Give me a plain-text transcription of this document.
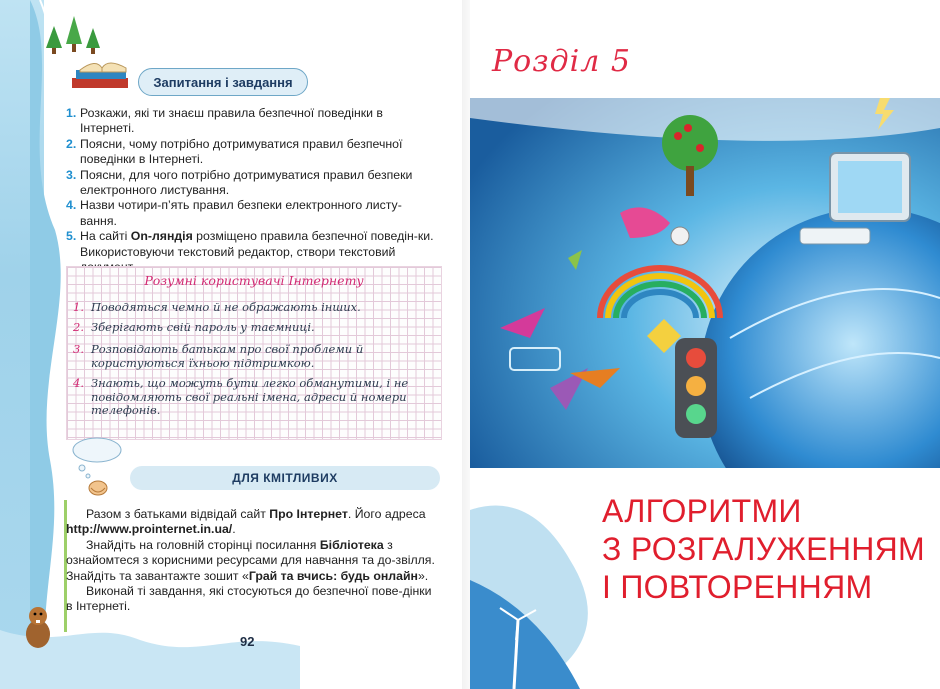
Запитання і завдання
1. Розкажи, які ти знаєш правила безпечної поведінки в Інтернеті.
2. Поясни, чому потрібно дотримуватися правил безпечної поведінки в Інтернеті.
3. Поясни, для чого потрібно дотримуватися правил безпеки електронного листування.
4. Назви чотири-п’ять правил безпеки електронного листу-вання.
5. На сайті On-ляндія розміщено правила безпечної поведін-ки. Використовуючи текстовий редактор, створи текстовий
Розумні користувачі Інтернету
1. Поводяться чемно й не ображають інших.
2. Зберігають свій пароль у таємниці.
3. Розповідають батькам про свої проблеми й користуються їхньою підтримкою.
4. Знають, що можуть бути легко обманутими, і не повідомляють свої реальні імена, адреси й номери телефонів.
ДЛЯ КМІТЛИВИХ

Разом з батьками відвідай сайт Про Інтернет. Його адреса http://www.prointernet.in.ua/.

Знайдіть на головній сторінці посилання Бібліотека з ознайомтеся з корисними ресурсами для навчання та до-звілля. Знайдіть та завантажте зошит «Грай та вчись: будь онлайн».

Виконай ті завдання, які стосуються до безпечної пове-дінки в Інтернеті.

92
Розділ 5
АЛГОРИТМИ
З РОЗГАЛУЖЕННЯМ
І ПОВТОРЕННЯМ
